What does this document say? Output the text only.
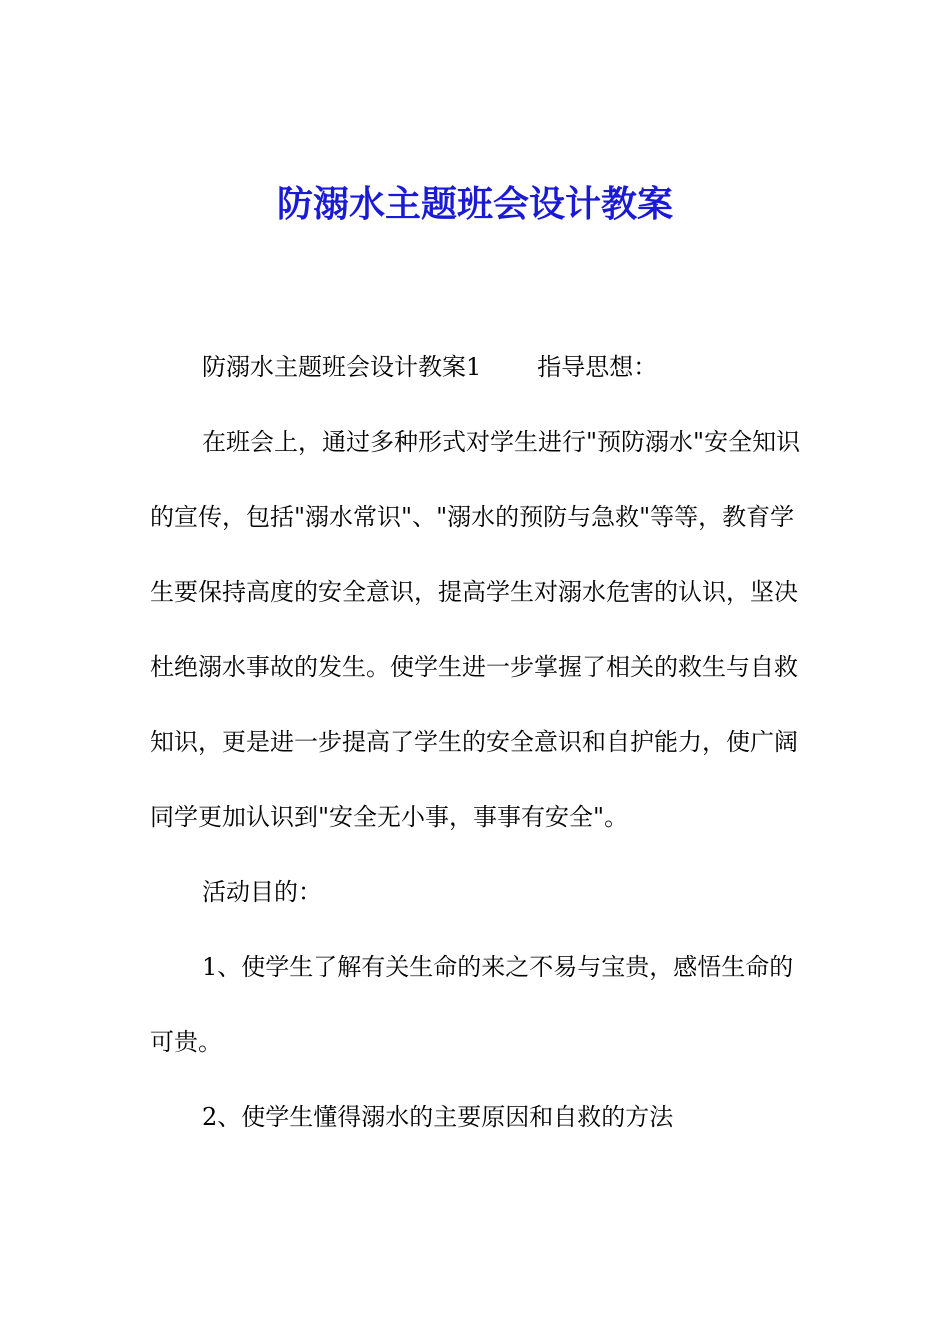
防溺水主题班会设计教案

防溺水主题班会设计教案1 指导思想：

在班会上，通过多种形式对学生进行"预防溺水"安全知识的宣传，包括"溺水常识"、"溺水的预防与急救"等等，教育学生要保持高度的安全意识，提高学生对溺水危害的认识，坚决杜绝溺水事故的发生。使学生进一步掌握了相关的救生与自救知识，更是进一步提高了学生的安全意识和自护能力，使广阔同学更加认识到"安全无小事，事事有安全"。

活动目的：

1、使学生了解有关生命的来之不易与宝贵，感悟生命的可贵。

2、使学生懂得溺水的主要原因和自救的方法
